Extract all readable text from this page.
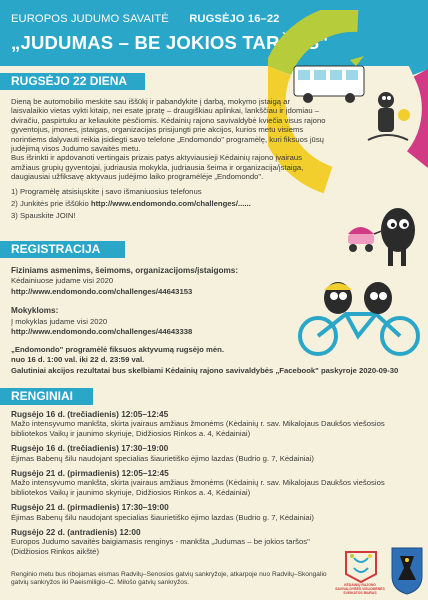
EUROPOS JUDUMO SAVAITĖ RUGSĖJO 16–22
„JUDUMAS – BE JOKIOS TARŠOS"
RUGSĖJO 22 DIENA

Dieną be automobilio meskite sau iššūkį ir pabandykite į darbą, mokymo įstaigą ar laisvalaikio vietas vykti kitaip, nei esate įpratę – draugiškiau aplinkai, lankščiau ir įdomiau – dviračiu, paspirtuku ar keliaukite pėsčiomis. Kėdainių rajono savivaldybė kviečia visus rajono gyventojus, įmones, įstaigas, organizacijas prisijungti prie akcijos, kurios metu visiems norintiems dalyvauti reikia įsidiegti savo telefone „Endomondo" programėlę, kuri fiksuos jūsų judėjimą visos Judumo savaitės metu.

Bus išrinkti ir apdovanoti vertingais prizais patys aktyviausieji Kėdainių rajono įvairaus amžiaus grupių gyventojai, judriausia mokykla, judriausia šeima ir organizacija/įstaiga, daugiausiai užfiksavę aktyvaus judėjimo laiko programėlėje „Endomondo".

1) Programėlę atsisiųskite į savo išmaniuosius telefonus

2) Junkitės prie iššūkio http://www.endomondo.com/challenges/......

3) Spauskite JOIN!

REGISTRACIJA

Fiziniams asmenims, šeimoms, organizacijoms/įstaigoms:

Kėdainiuose judame visi 2020

http://www.endomondo.com/challenges/44643153

Mokykloms:

Į mokyklas judame visi 2020

http://www.endomondo.com/challenges/44643338

„Endomondo" programėlė fiksuos aktyvumą rugsėjo mėn.

nuo 16 d. 1:00 val. iki 22 d. 23:59 val.

Galutiniai akcijos rezultatai bus skelbiami Kėdainių rajono savivaldybės „Facebook" paskyroje 2020-09-30

RENGINIAI

Rugsėjo 16 d. (trečiadienis) 12:05–12:45

Mažo intensyvumo mankšta, skirta įvairaus amžiaus žmonėms (Kėdainių r. sav. Mikalojaus Daukšos viešosios bibliotekos Vaikų ir jaunimo skyriuje, Didžiosios Rinkos a. 4, Kėdainiai)

Rugsėjo 16 d. (trečiadienis) 17:30–19:00

Ėjimas Babenų šilu naudojant specialias šiaurietiško ėjimo lazdas (Budrio g. 7, Kėdainiai)

Rugsėjo 21 d. (pirmadienis) 12:05–12:45

Mažo intensyvumo mankšta, skirta įvairaus amžiaus žmonėms (Kėdainių r. sav. Mikalojaus Daukšos viešosios bibliotekos Vaikų ir jaunimo skyriuje, Didžiosios Rinkos a. 4, Kėdainiai)

Rugsėjo 21 d. (pirmadienis) 17:30–19:00

Ėjimas Babenų šilu naudojant specialias šiaurietiško ėjimo lazdas (Budrio g. 7, Kėdainiai)

Rugsėjo 22 d. (antradienis) 12:00

Europos Judumo savaitės baigiamasis renginys - mankšta „Judumas – be jokios taršos" (Didžiosios Rinkos aikštė)

Renginio metu bus ribojamas eismas Radvilų–Senosios gatvių sankryžoje, atkarpoje nuo Radvilų–Skongalio gatvių sankryžos iki Paeismiligio–C. Miłošo gatvių sankryžos.	KĖDAINIŲ RAJONO SAVIVALDYBĖS VISUOMENĖS SVEIKATOS BIURAS
